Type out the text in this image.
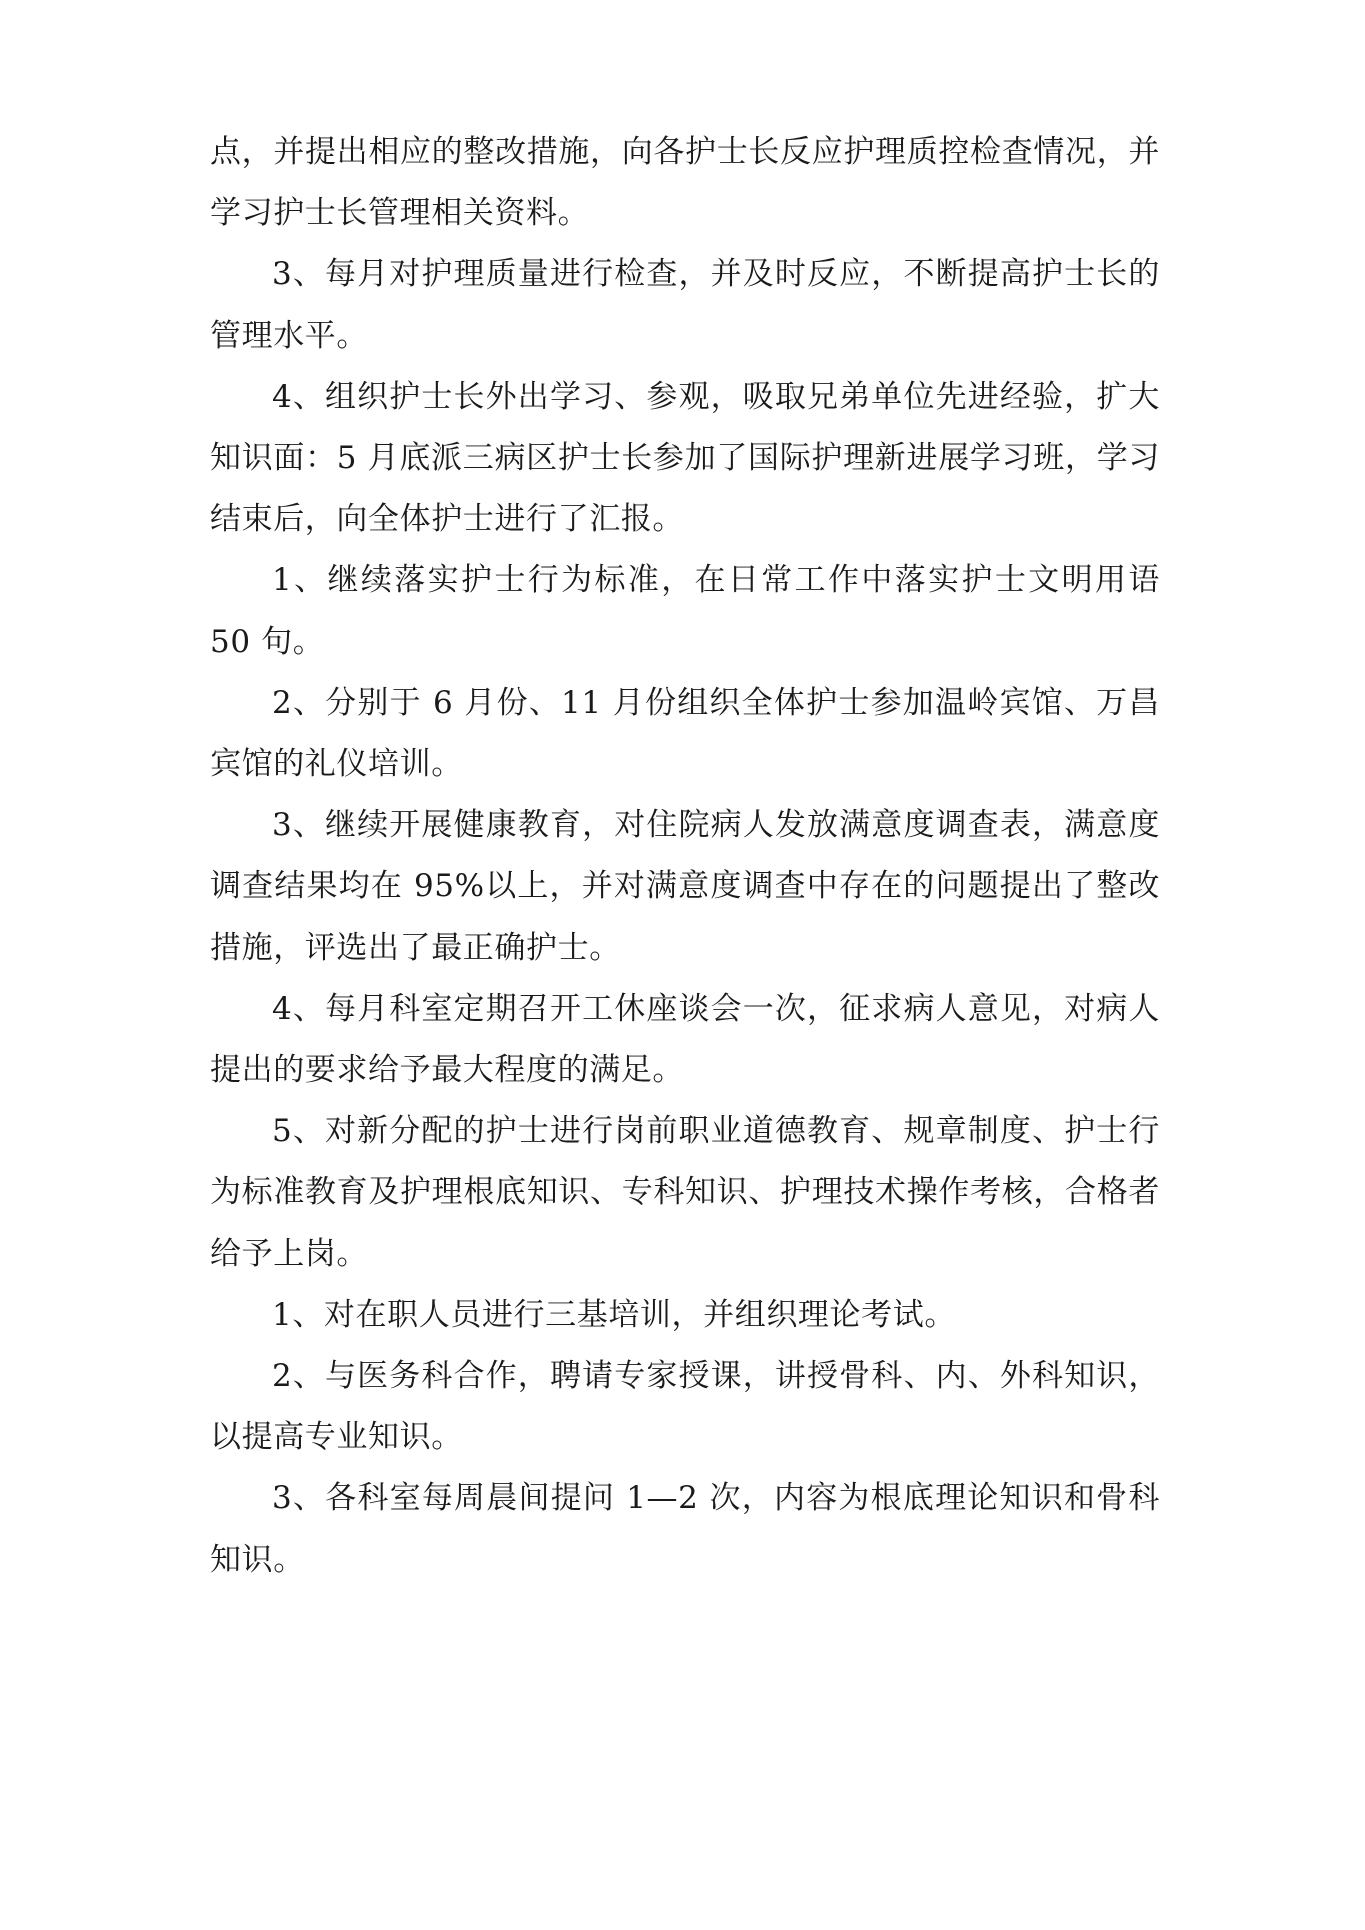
点，并提出相应的整改措施，向各护士长反应护理质控检查情况，并学习护士长管理相关资料。

3、每月对护理质量进行检查，并及时反应，不断提高护士长的管理水平。

4、组织护士长外出学习、参观，吸取兄弟单位先进经验，扩大知识面：5 月底派三病区护士长参加了国际护理新进展学习班，学习结束后，向全体护士进行了汇报。

1、继续落实护士行为标准，在日常工作中落实护士文明用语 50 句。

2、分别于 6 月份、11 月份组织全体护士参加温岭宾馆、万昌宾馆的礼仪培训。

3、继续开展健康教育，对住院病人发放满意度调查表，满意度调查结果均在 95%以上，并对满意度调查中存在的问题提出了整改措施，评选出了最正确护士。

4、每月科室定期召开工休座谈会一次，征求病人意见，对病人提出的要求给予最大程度的满足。

5、对新分配的护士进行岗前职业道德教育、规章制度、护士行为标准教育及护理根底知识、专科知识、护理技术操作考核，合格者给予上岗。

1、对在职人员进行三基培训，并组织理论考试。

2、与医务科合作，聘请专家授课，讲授骨科、内、外科知识，以提高专业知识。

3、各科室每周晨间提问 1—2 次，内容为根底理论知识和骨科知识。
